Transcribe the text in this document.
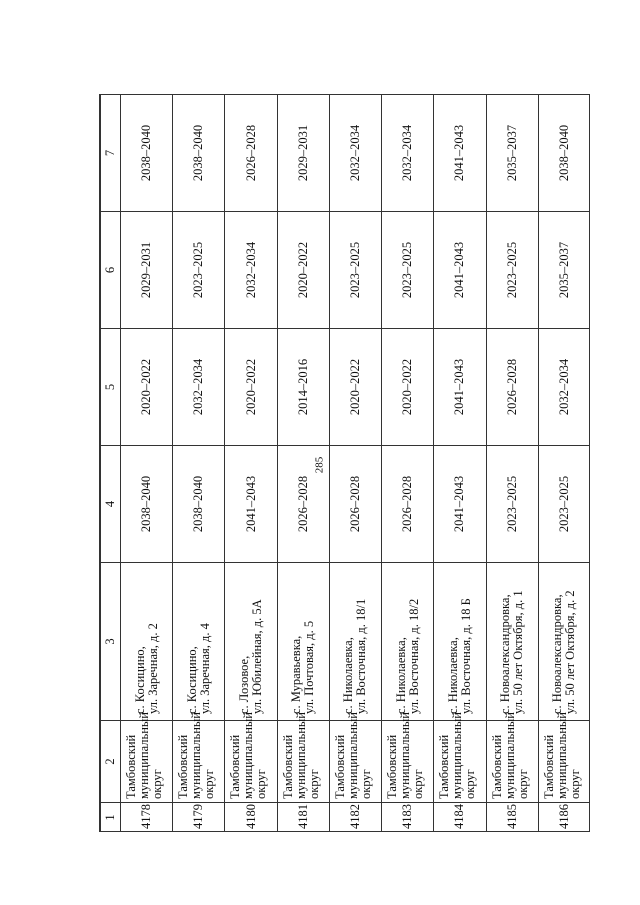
285
1	2	3	4	5	6	7
4178	Тамбовский муниципальный округ	с. Косицино, ул. Заречная, д. 2	2038–2040	2020–2022	2029–2031	2038–2040
4179	Тамбовский муниципальный округ	с. Косицино, ул. Заречная, д. 4	2038–2040	2032–2034	2023–2025	2038–2040
4180	Тамбовский муниципальный округ	с. Лозовое, ул. Юбилейная, д. 5А	2041–2043	2020–2022	2032–2034	2026–2028
4181	Тамбовский муниципальный округ	с. Муравьевка, ул. Почтовая, д. 5	2026–2028	2014–2016	2020–2022	2029–2031
4182	Тамбовский муниципальный округ	с. Николаевка, ул. Восточная, д. 18/1	2026–2028	2020–2022	2023–2025	2032–2034
4183	Тамбовский муниципальный округ	с. Николаевка, ул. Восточная, д. 18/2	2026–2028	2020–2022	2023–2025	2032–2034
4184	Тамбовский муниципальный округ	с. Николаевка, ул. Восточная, д. 18 Б	2041–2043	2041–2043	2041–2043	2041–2043
4185	Тамбовский муниципальный округ	с. Новоалександровка, ул. 50 лет Октября, д. 1	2023–2025	2026–2028	2023–2025	2035–2037
4186	Тамбовский муниципальный округ	с. Новоалександровка, ул. 50 лет Октября, д. 2	2023–2025	2032–2034	2035–2037	2038–2040
